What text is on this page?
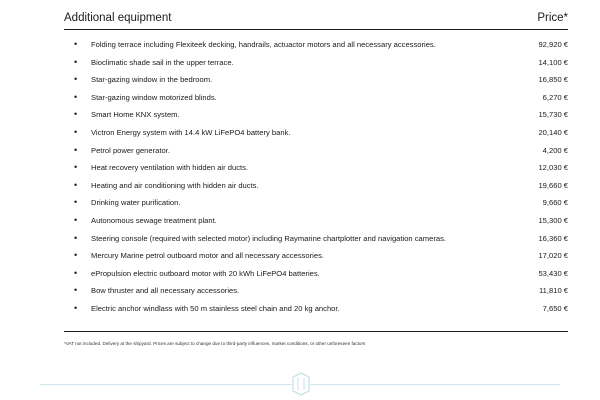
Additional equipment	Price*
• Folding terrace including Flexiteek decking, handrails, actuactor motors and all necessary accessories.	92,920 €
• Bioclimatic shade sail in the upper terrace.	14,100 €
• Star-gazing window in the bedroom.	16,850 €
• Star-gazing window motorized blinds.	6,270 €
• Smart Home KNX system.	15,730 €
• Victron Energy system with 14.4 kW LiFePO4 battery bank.	20,140 €
• Petrol power generator.	4,200 €
• Heat recovery ventilation with hidden air ducts.	12,030 €
• Heating and air conditioning with hidden air ducts.	19,660 €
• Drinking water purification.	9,660 €
• Autonomous sewage treatment plant.	15,300 €
• Steering console (required with selected motor) including Raymarine chartplotter and navigation cameras.	16,360 €
• Mercury Marine petrol outboard motor and all necessary accessories.	17,020 €
• ePropulsion electric outboard motor with 20 kWh LiFePO4 batteries.	53,430 €
• Bow thruster and all necessary accessories.	11,810 €
• Electric anchor windlass with 50 m stainless steel chain and 20 kg anchor.	7,650 €
*VAT not included. Delivery at the shipyard. Prices are subject to change due to third-party influences, market conditions, or other unforeseen factors
